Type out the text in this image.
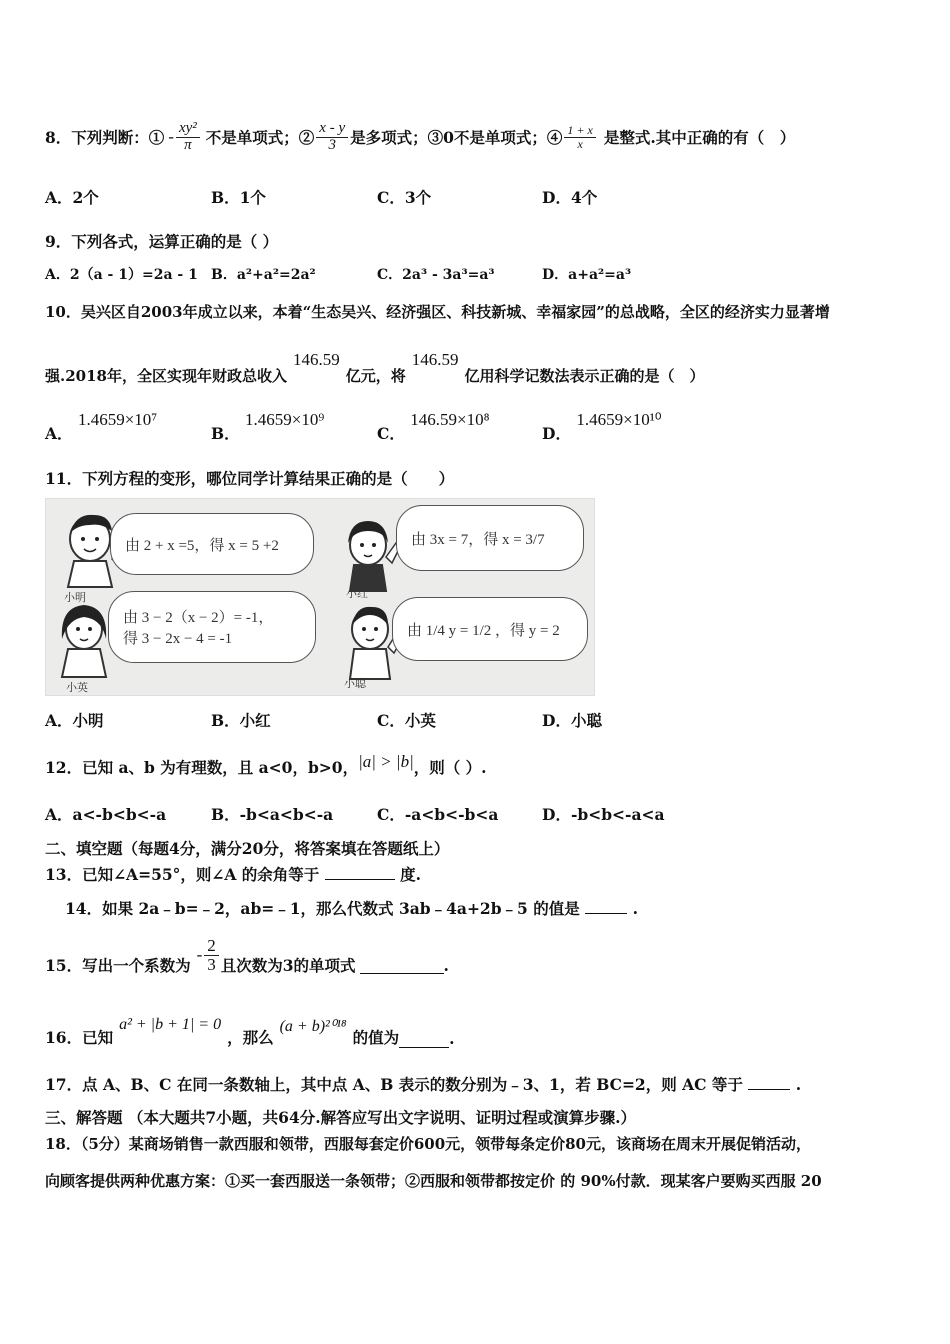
8．下列判断：① - $\frac{\text{xy²}}{\pi}$ 不是单项式；② $\frac{x - y}{3}$ 是多项式；③0不是单项式；④ $\frac{1 + x}{x}$ 是整式.其中正确的有（　）
A．2个	B．1个	C．3个	D．4个
9．下列各式，运算正确的是（ ）
A．2（a - 1）=2a - 1 B．a²+a²=2a²	C．2a³ - 3a³=a³	D．a+a²=a³
10．吴兴区自2003年成立以来，本着“生态吴兴、经济强区、科技新城、幸福家园”的总战略，全区的经济实力显著增
强.2018年，全区实现年财政总收入
146.59
亿元，将
146.59
亿用科学记数法表示正确的是（　）
A． 1.4659×10⁷
B． 1.4659×10⁹
C． 146.59×10⁸
D． 1.4659×10¹⁰
11．下列方程的变形，哪位同学计算结果正确的是（　　）
小明
由 2 + x =5，得 x = 5 +2
小红
由 3x = 7，得 x = 3/7
小英
由 3 − 2（x − 2）= -1，
得 3 − 2x − 4 = -1
小聪
由 1/4 y = 1/2 ，得 y = 2
A．小明	B．小红	C．小英	D．小聪
12．已知 a、b 为有理数，且 a<0，b>0， |a| > |b| ，则（ ）.
A．a<-b<b<-a	B．-b<a<b<-a	C．-a<b<-b<a	D．-b<b<-a<a
二、填空题（每题4分，满分20分，将答案填在答题纸上）
13．已知∠A=55°，则∠A 的余角等于	度.
14．如果 2a﹣b=﹣2，ab=﹣1，那么代数式 3ab﹣4a+2b﹣5 的值是	.
15．写出一个系数为
- $\frac{2}{3}$ 且次数为3的单项式	.
16．已知
a² + |b + 1| = 0
，那么
(a + b)²⁰¹⁸
的值为	.
17．点 A、B、C 在同一条数轴上，其中点 A、B 表示的数分别为﹣3、1，若 BC=2，则 AC 等于	.
三、解答题 （本大题共7小题，共64分.解答应写出文字说明、证明过程或演算步骤.）
18．（5分）某商场销售一款西服和领带，西服每套定价600元，领带每条定价80元，该商场在周末开展促销活动，
向顾客提供两种优惠方案：①买一套西服送一条领带；②西服和领带都按定价 的 90%付款．现某客户要购买西服 20
